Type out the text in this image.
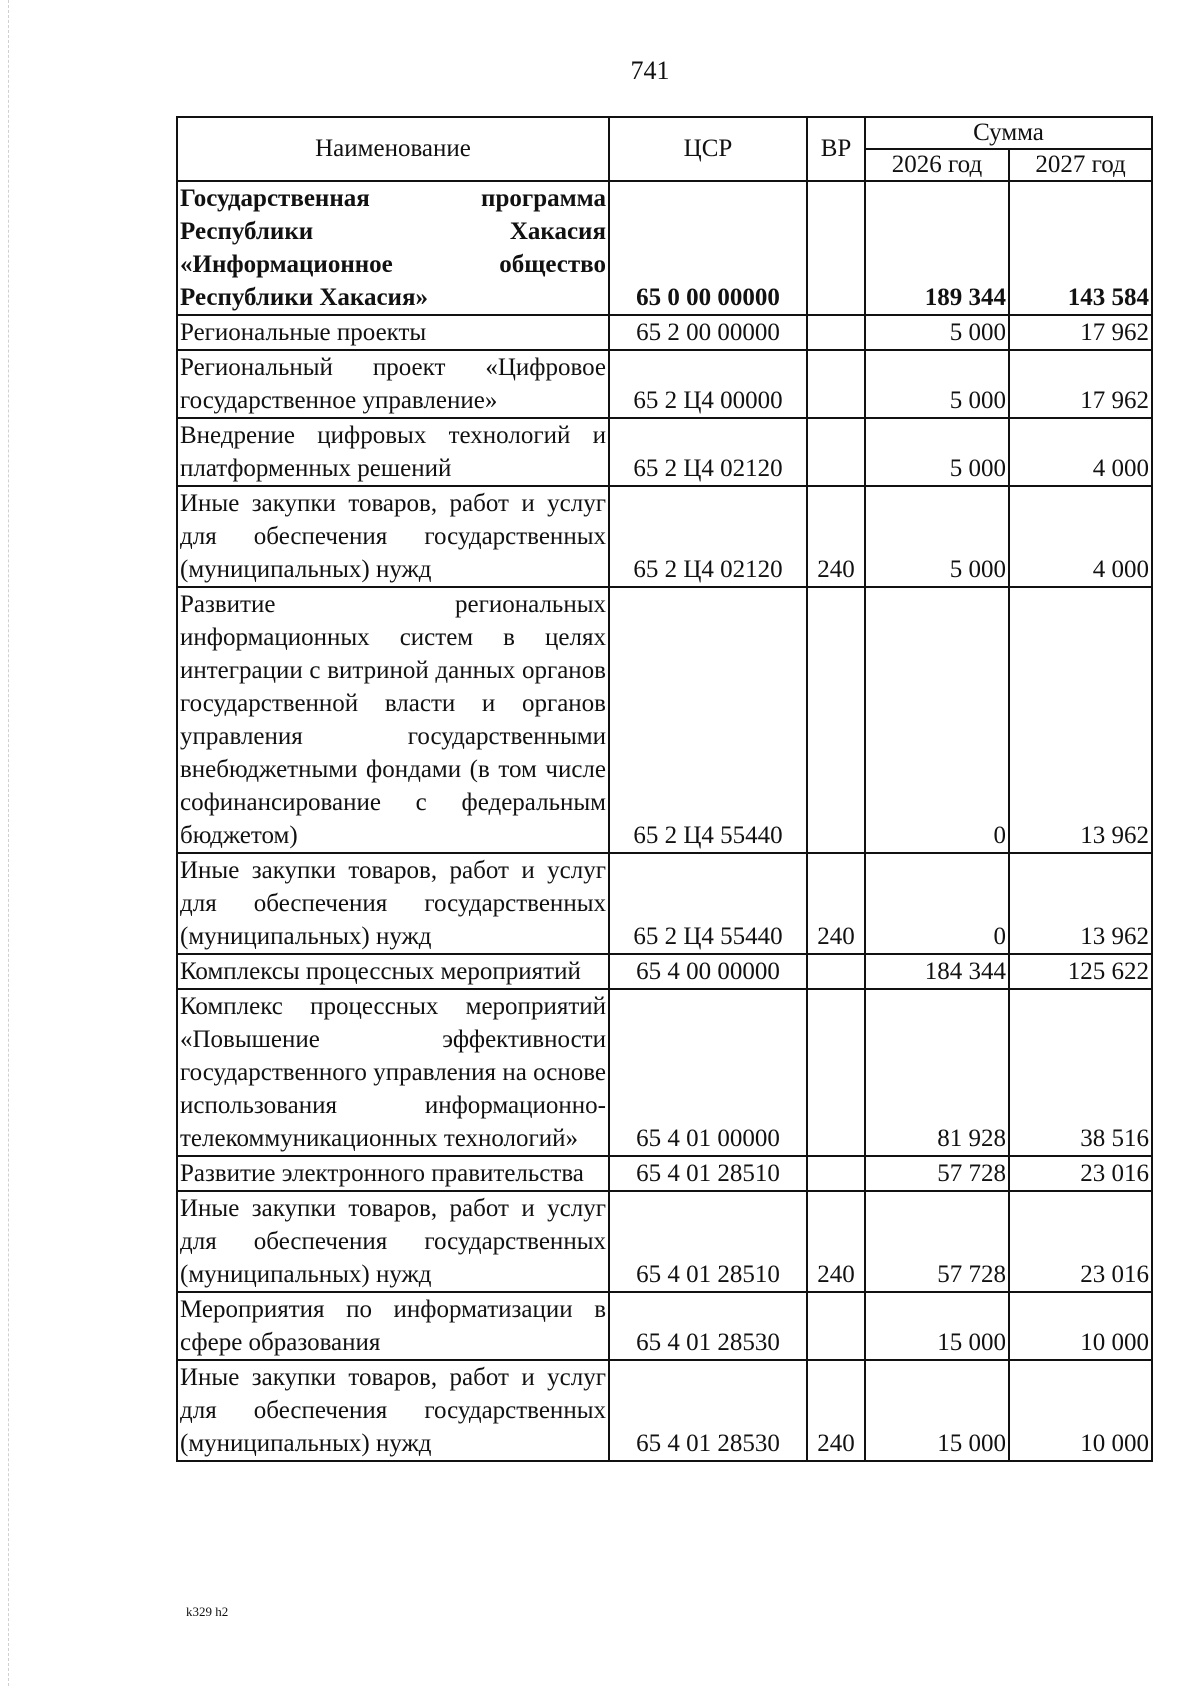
741
Наименование	ЦСР	ВР	Сумма	
			2026 год	2027 год
Государственная программа Республики Хакасия «Информационное общество Республики Хакасия»	65 0 00 00000		189 344	143 584
Региональные проекты	65 2 00 00000		5 000	17 962
Региональный проект «Цифровое государственное управление»	65 2 Ц4 00000		5 000	17 962
Внедрение цифровых технологий и платформенных решений	65 2 Ц4 02120		5 000	4 000
Иные закупки товаров, работ и услуг для обеспечения государственных (муниципальных) нужд	65 2 Ц4 02120	240	5 000	4 000
Развитие региональных информационных систем в целях интеграции с витриной данных органов государственной власти и органов управления государственными внебюджетными фондами (в том числе софинансирование с федеральным бюджетом)	65 2 Ц4 55440		0	13 962
Иные закупки товаров, работ и услуг для обеспечения государственных (муниципальных) нужд	65 2 Ц4 55440	240	0	13 962
Комплексы процессных мероприятий	65 4 00 00000		184 344	125 622
Комплекс процессных мероприятий «Повышение эффективности государственного управления на основе использования информационно-телекоммуникационных технологий»	65 4 01 00000		81 928	38 516
Развитие электронного правительства	65 4 01 28510		57 728	23 016
Иные закупки товаров, работ и услуг для обеспечения государственных (муниципальных) нужд	65 4 01 28510	240	57 728	23 016
Мероприятия по информатизации в сфере образования	65 4 01 28530		15 000	10 000
Иные закупки товаров, работ и услуг для обеспечения государственных (муниципальных) нужд	65 4 01 28530	240	15 000	10 000
k329 h2
